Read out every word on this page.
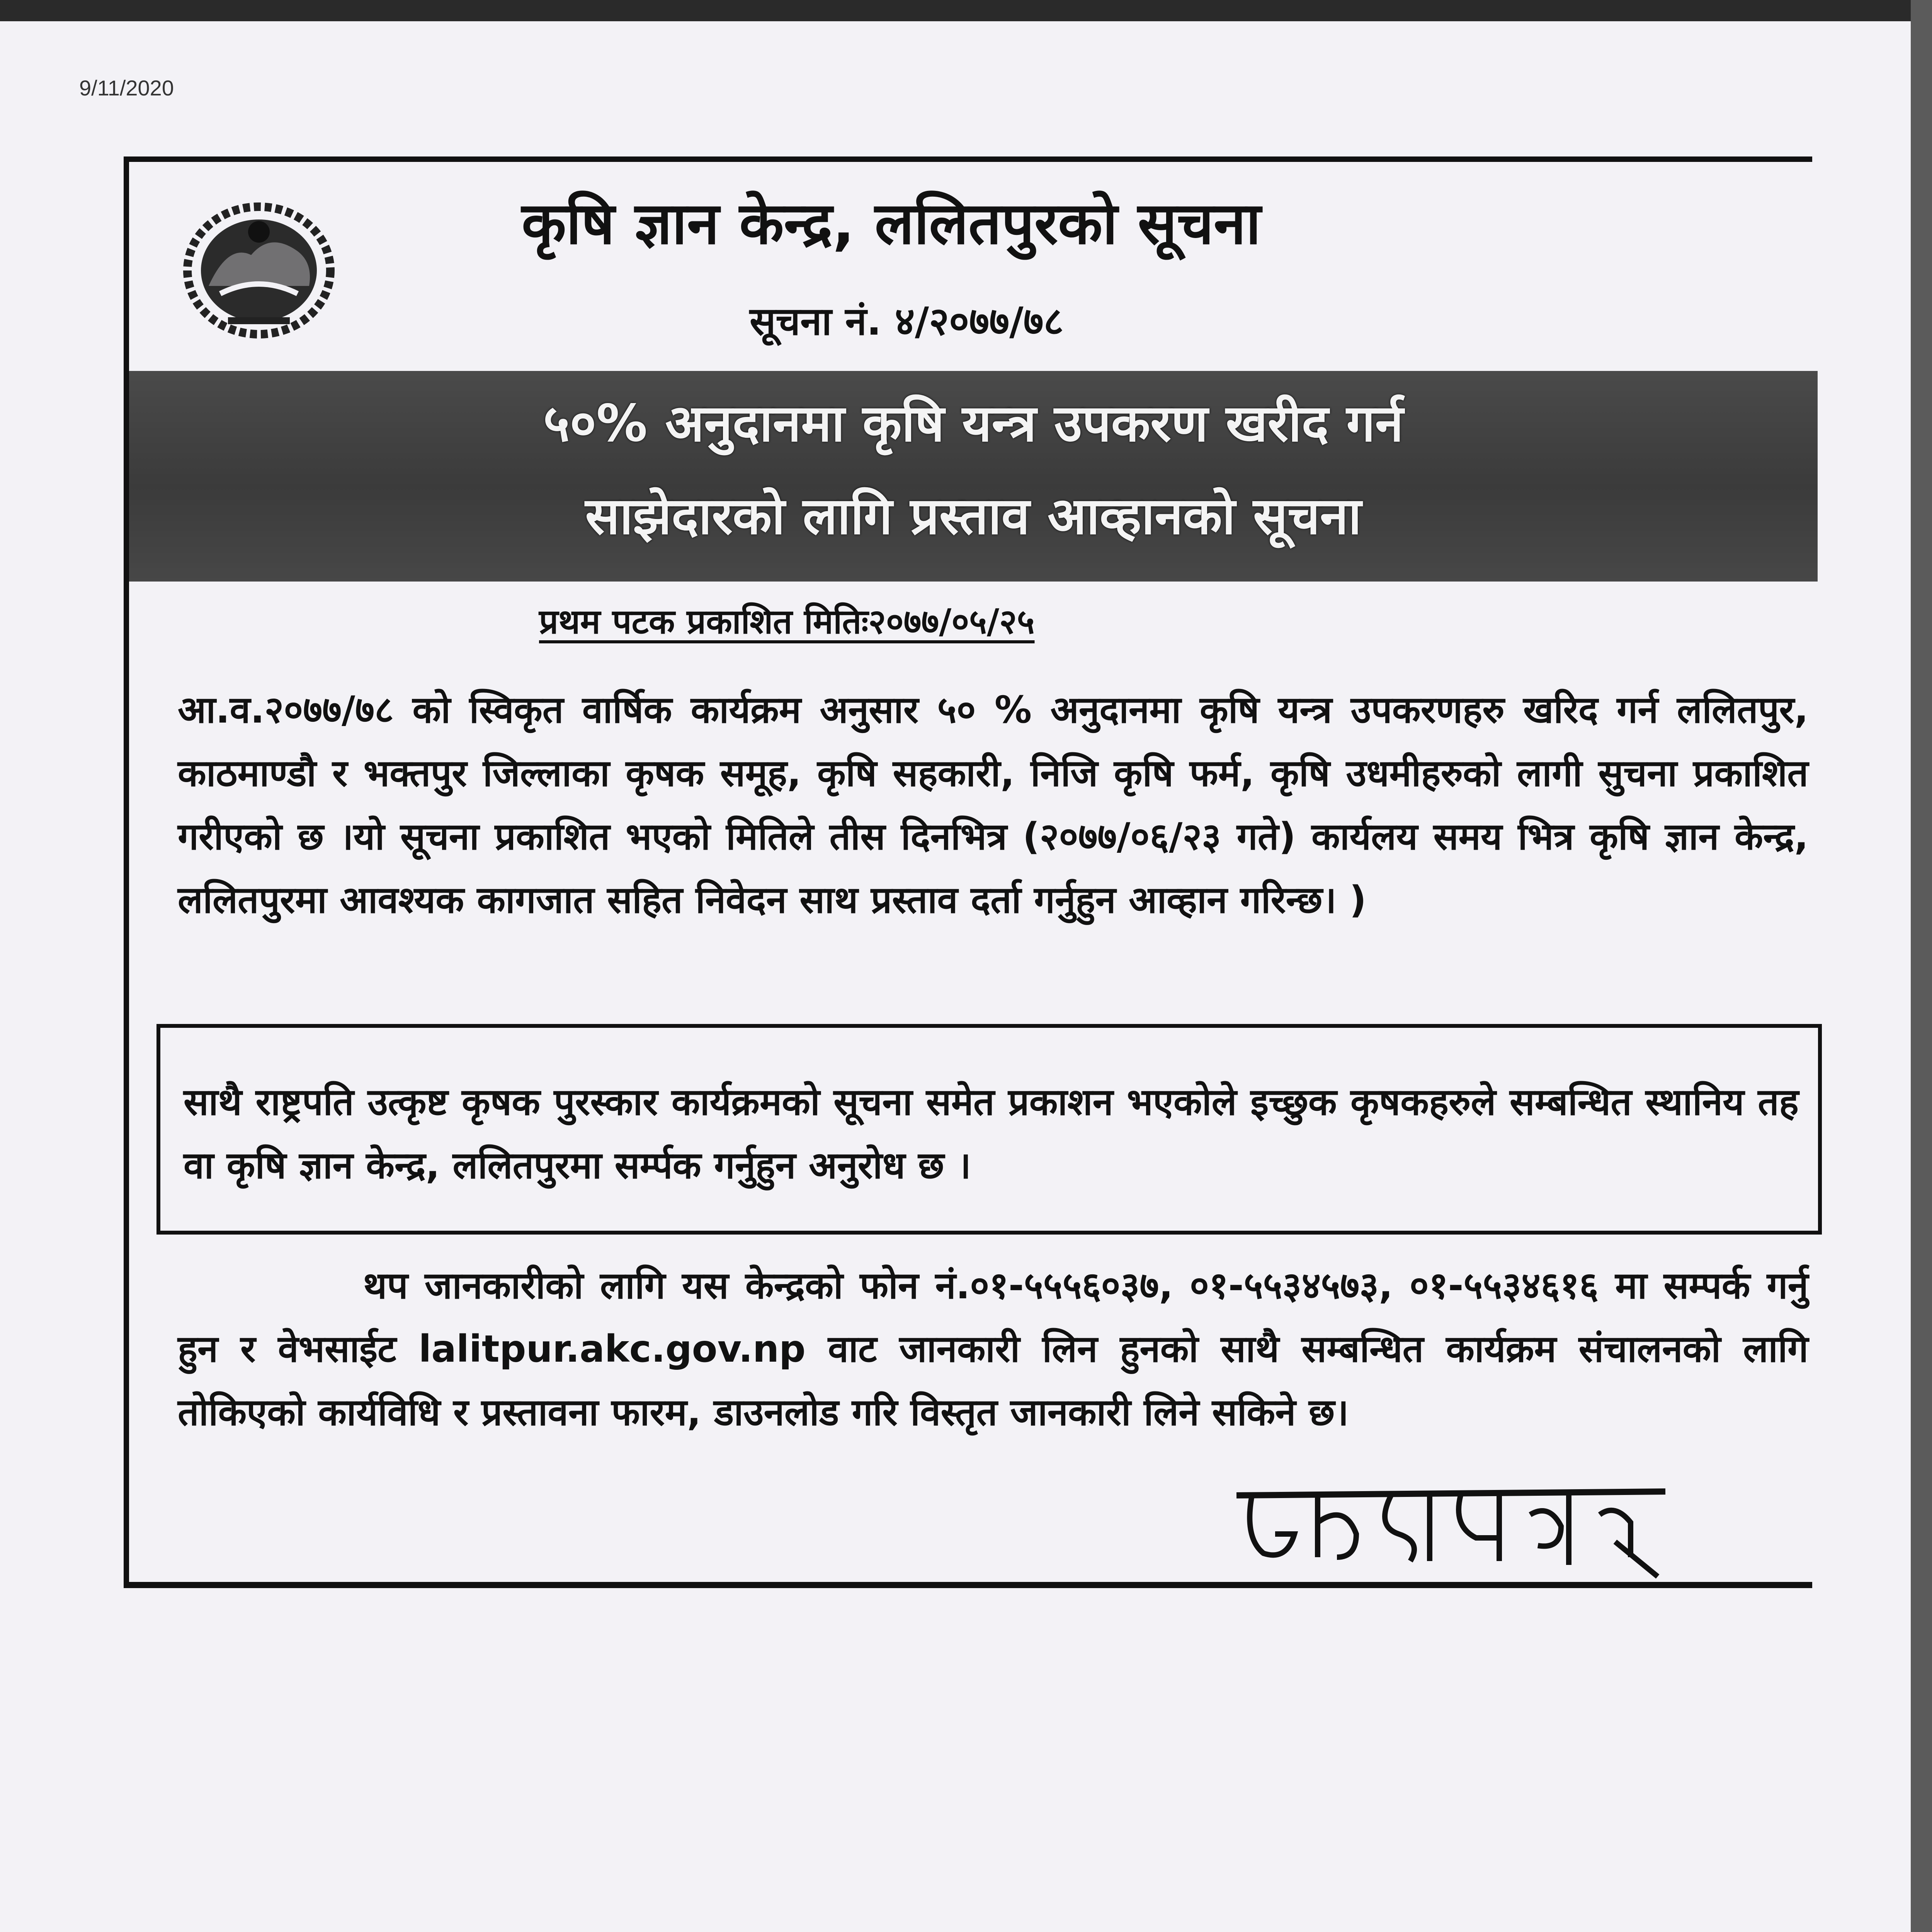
9/11/2020
कृषि ज्ञान केन्द्र, ललितपुरको सूचना
सूचना नं. ४/२०७७/७८
५०% अनुदानमा कृषि यन्त्र उपकरण खरीद गर्न
साझेदारको लागि प्रस्ताव आव्हानको सूचना
प्रथम पटक प्रकाशित मितिः२०७७/०५/२५
आ.व.२०७७/७८ को स्विकृत वार्षिक कार्यक्रम अनुसार ५० % अनुदानमा कृषि यन्त्र उपकरणहरु खरिद गर्न ललितपुर, काठमाण्डौ र भक्तपुर जिल्लाका कृषक समूह, कृषि सहकारी, निजि कृषि फर्म, कृषि उधमीहरुको लागी सुचना प्रकाशित गरीएको छ ।यो सूचना प्रकाशित भएको मितिले तीस दिनभित्र (२०७७/०६/२३ गते) कार्यलय समय भित्र कृषि ज्ञान केन्द्र, ललितपुरमा आवश्यक कागजात सहित निवेदन साथ प्रस्ताव दर्ता गर्नुहुन आव्हान गरिन्छ। )
साथै राष्ट्रपति उत्कृष्ट कृषक पुरस्कार कार्यक्रमको सूचना समेत प्रकाशन भएकोले इच्छुक कृषकहरुले सम्बन्धित स्थानिय तह वा कृषि ज्ञान केन्द्र, ललितपुरमा सर्म्पक गर्नुहुन अनुरोध छ ।
थप जानकारीको लागि यस केन्द्रको फोन नं.०१-५५५६०३७, ०१-५५३४५७३, ०१-५५३४६१६ मा सम्पर्क गर्नु हुन र वेभसाईट lalitpur.akc.gov.np वाट जानकारी लिन हुनको साथै सम्बन्धित कार्यक्रम संचालनको लागि तोकिएको कार्यविधि र प्रस्तावना फारम, डाउनलोड गरि विस्तृत जानकारी लिने सकिने छ।
